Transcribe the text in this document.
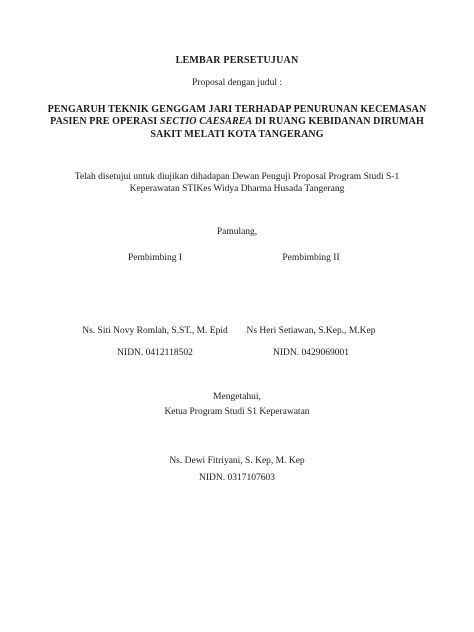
LEMBAR PERSETUJUAN
Proposal dengan judul :
PENGARUH TEKNIK GENGGAM JARI TERHADAP PENURUNAN KECEMASAN
PASIEN PRE OPERASI SECTIO CAESAREA DI RUANG KEBIDANAN DIRUMAH
SAKIT MELATI KOTA TANGERANG
Telah disetujui untuk diujikan dihadapan Dewan Penguji Proposal Program Studi S-1
Keperawatan STIKes Widya Dharma Husada Tangerang
Pamulang,
Pembimbing I	Pembimbing II
Ns. Siti Novy Romlah, S.ST., M. Epid	Ns Heri Setiawan, S.Kep., M.Kep
NIDN. 0412118502	NIDN. 0429069001
Mengetahui,
Ketua Program Studi S1 Keperawatan
Ns. Dewi Fitriyani, S. Kep, M. Kep
NIDN. 0317107603
